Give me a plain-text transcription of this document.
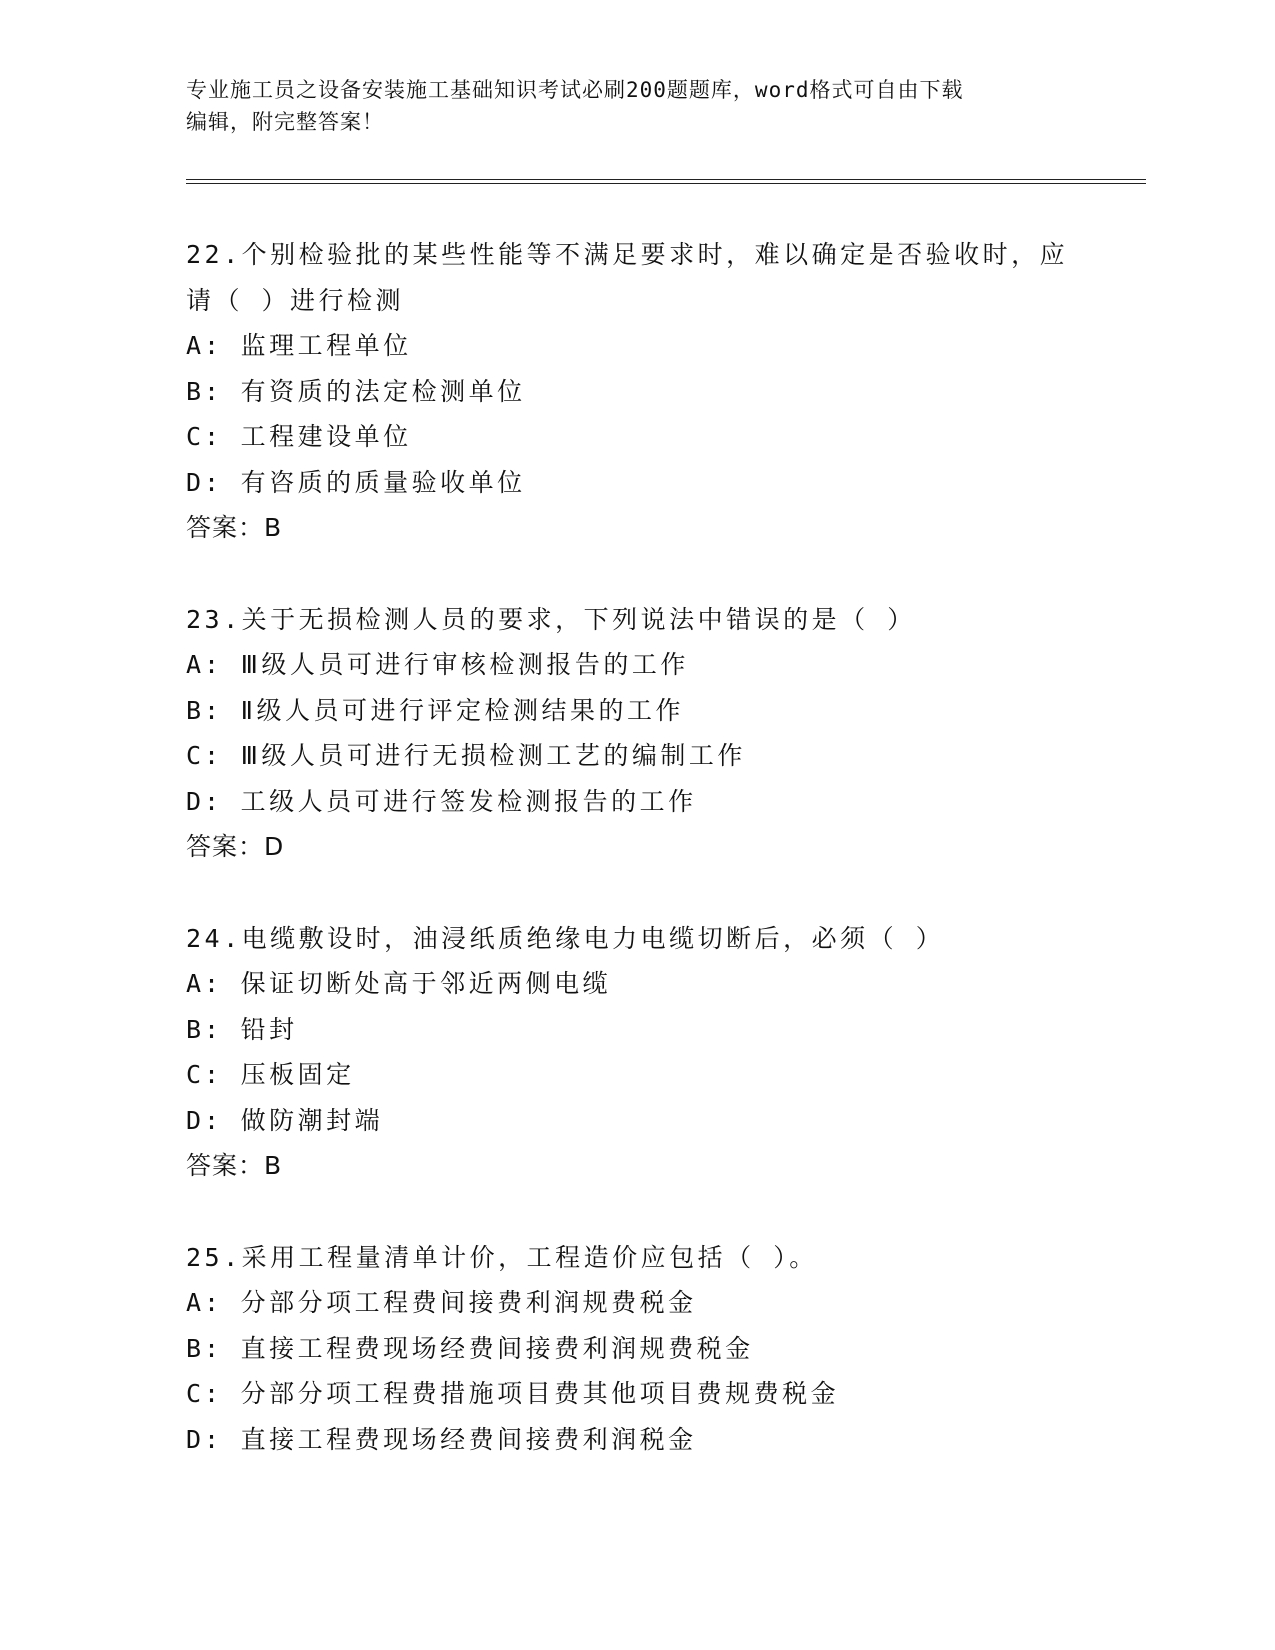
专业施工员之设备安装施工基础知识考试必刷200题题库，word格式可自由下载
编辑，附完整答案！
22.个别检验批的某些性能等不满足要求时，难以确定是否验收时，应
请（ ）进行检测
A: 监理工程单位
B: 有资质的法定检测单位
C: 工程建设单位
D: 有咨质的质量验收单位
答案：B
23.关于无损检测人员的要求，下列说法中错误的是（ ）
A: Ⅲ级人员可进行审核检测报告的工作
B: Ⅱ级人员可进行评定检测结果的工作
C: Ⅲ级人员可进行无损检测工艺的编制工作
D: 工级人员可进行签发检测报告的工作
答案：D
24.电缆敷设时，油浸纸质绝缘电力电缆切断后，必须（ ）
A: 保证切断处高于邻近两侧电缆
B: 铅封
C: 压板固定
D: 做防潮封端
答案：B
25.采用工程量清单计价，工程造价应包括（ ）。
A: 分部分项工程费间接费利润规费税金
B: 直接工程费现场经费间接费利润规费税金
C: 分部分项工程费措施项目费其他项目费规费税金
D: 直接工程费现场经费间接费利润税金
